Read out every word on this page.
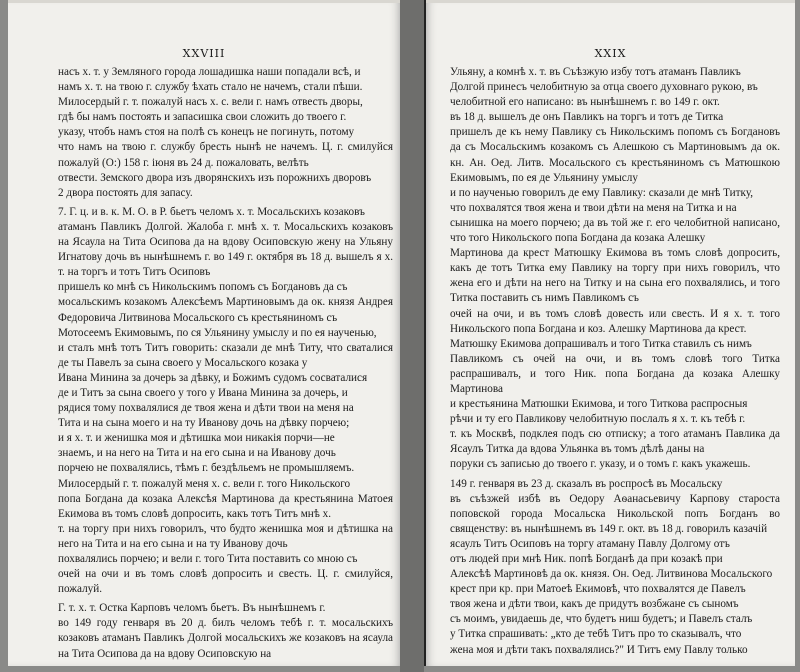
XXVIII

насъ х. т. у Земляного города лошадишка наши попадали всѣ, и
намъ х. т. на твою г. службу ѣхать стало не начемъ, стали пѣши.
Милосердый г. т. пожалуй насъ х. с. вели г. намъ отвесть дворы,
гдѣ бы намъ постоять и запасишка свои сложить до твоего г.
указу, чтобъ намъ стоя на полѣ съ конецъ не погинуть, потому
что намъ на твою г. службу бресть нынѣ не начемъ. Ц. г. смилуйся пожалуй (О:) 158 г. іюня въ 24 д. пожаловать, велѣть
отвести. Земского двора изъ дворянскихъ изъ порожнихъ дворовъ
2 двора постоять для запасу.
7. Г. ц. и в. к. М. О. в Р. бьетъ челомъ х. т. Мосальскихъ козаковъ
атаманъ Павликъ Долгой. Жалоба г. мнѣ х. т. Мосальскихъ козаковъ на Ясаула на Тита Осипова да на вдову Осиповскую жену на Ульяну Игнатову дочь въ нынѣшнемъ г. во 149 г. октября въ 18 д. вышелъ я х. т. на торгъ и тотъ Титъ Осиповъ
пришелъ ко мнѣ съ Никольскимъ попомъ съ Богдановъ да съ
мосальскимъ козакомъ Алексѣемъ Мартиновымъ да ок. князя Андрея Федоровича Литвинова Мосальского съ крестьяниномъ съ
Мотосеемъ Екимовымъ, по ся Ульянину умыслу и по ея наученью,
и сталъ мнѣ тотъ Титъ говорить: сказали де мнѣ Титу, что сваталися де ты Павелъ за сына своего у Мосальского козака у
Ивана Минина за дочерь за дѣвку, и Божимъ судомъ сосваталися
де и Титъ за сына своего у того у Ивана Минина за дочерь, и
рядися тому похвалялися де твоя жена и дѣти твои на меня на
Тита и на сына моего и на ту Иванову дочь на дѣвку порчею;
и я х. т. и женишка моя и дѣтишка мои никакія порчи—не
знаемъ, и на него на Тита и на его сына и на Иванову дочь
порчею не похвалялись, тѣмъ г. бездѣльемъ не промышляемъ.
Милосердый г. т. пожалуй меня х. с. вели г. того Никольского
попа Богдана да козака Алексѣя Мартинова да крестьянина Матоея Екимова въ томъ словѣ допросить, какъ тотъ Титъ мнѣ х.
т. на торгу при нихъ говорилъ, что будто женишка моя и дѣтишка на него на Тита и на его сына и на ту Иванову дочь
похвалялись порчею; и вели г. того Тита поставить со мною съ
очей на очи и въ томъ словѣ допросить и свесть. Ц. г. смилуйся, пожалуй.
Г. т. х. т. Остка Карповъ челомъ бьетъ. Въ нынѣшнемъ г.
во 149 году генваря въ 20 д. билъ челомъ тебѣ г. т. мосальскихъ козаковъ атаманъ Павликъ Долгой мосальскихъ же козаковъ на ясаула на Тита Осипова да на вдову Осиповскую на

XXIX

Ульяну, а комнѣ х. т. въ Съѣзжую избу тотъ атаманъ Павликъ
Долгой принесъ челобитную за отца своего духовнаго рукою, въ
челобитной его написано: въ нынѣшнемъ г. во 149 г. окт.
въ 18 д. вышелъ де онъ Павликъ на торгъ и тотъ де Титка
пришелъ де къ нему Павлику съ Никольскимъ попомъ съ Богдановъ да съ Мосальскимъ козакомъ съ Алешкою съ Мартиновымъ да ок. кн. Ан. Оед. Литв. Мосальского съ крестьяниномъ съ Матюшкою Екимовымъ, по ея де Ульянину умыслу
и по наученью говорилъ де ему Павлику: сказали де мнѣ Титку,
что похвалятся твоя жена и твои дѣти на меня на Титка и на
сынишка на моего порчею; да въ той же г. его челобитной написано, что того Никольского попа Богдана да козака Алешку
Мартинова да крест Матюшку Екимова въ томъ словѣ допросить, какъ де тотъ Титка ему Павлику на торгу при нихъ говорилъ, что жена его и дѣти на него на Титку и на сына его похвалялись, и того Титка поставить съ нимъ Павликомъ съ
очей на очи, и въ томъ словѣ довесть или свесть. И я х. т. того Никольского попа Богдана и коз. Алешку Мартинова да крест.
Матюшку Екимова допрашивалъ и того Титка ставилъ съ нимъ
Павликомъ съ очей на очи, и въ томъ словѣ того Титка распрашивалъ, и того Ник. попа Богдана да козака Алешку Мартинова
и крестьянина Матюшки Екимова, и того Титкова распросныя
рѣчи и ту его Павликову челобитную послалъ я х. т. къ тебѣ г.
т. къ Москвѣ, подклея подъ сю отписку; а того атаманъ Павлика да Ясаулъ Титка да вдова Ульянка въ томъ дѣлѣ даны на
поруки съ записью до твоего г. указу, и о томъ г. какъ укажешь.
149 г. генваря въ 23 д. сказалъ въ роспросѣ въ Мосальску
въ съѣзжей избѣ въ Оедору Аѳанасьевичу Карпову староста поповской города Мосальска Никольской попъ Богданъ во священству: въ нынѣшнемъ въ 149 г. окт. въ 18 д. говорилъ казачій
ясаулъ Титъ Осиповъ на торгу атаману Павлу Долгому отъ
отъ людей при мнѣ Ник. попѣ Богданѣ да при козакѣ при
Алексѣѣ Мартиновѣ да ок. князя. Он. Оед. Литвинова Мосальского
крест при кр. при Матоеѣ Екимовѣ, что похвалятся де Павелъ
твоя жена и дѣти твои, какъ де придутъ возбжане съ сыномъ
съ моимъ, увидаешь де, что будетъ ниш будетъ; и Павелъ сталъ
у Титка спрашивать: „кто де тебѣ Титъ про то сказывалъ, что
жена моя и дѣти такъ похвалялись?" И Титъ ему Павлу только
